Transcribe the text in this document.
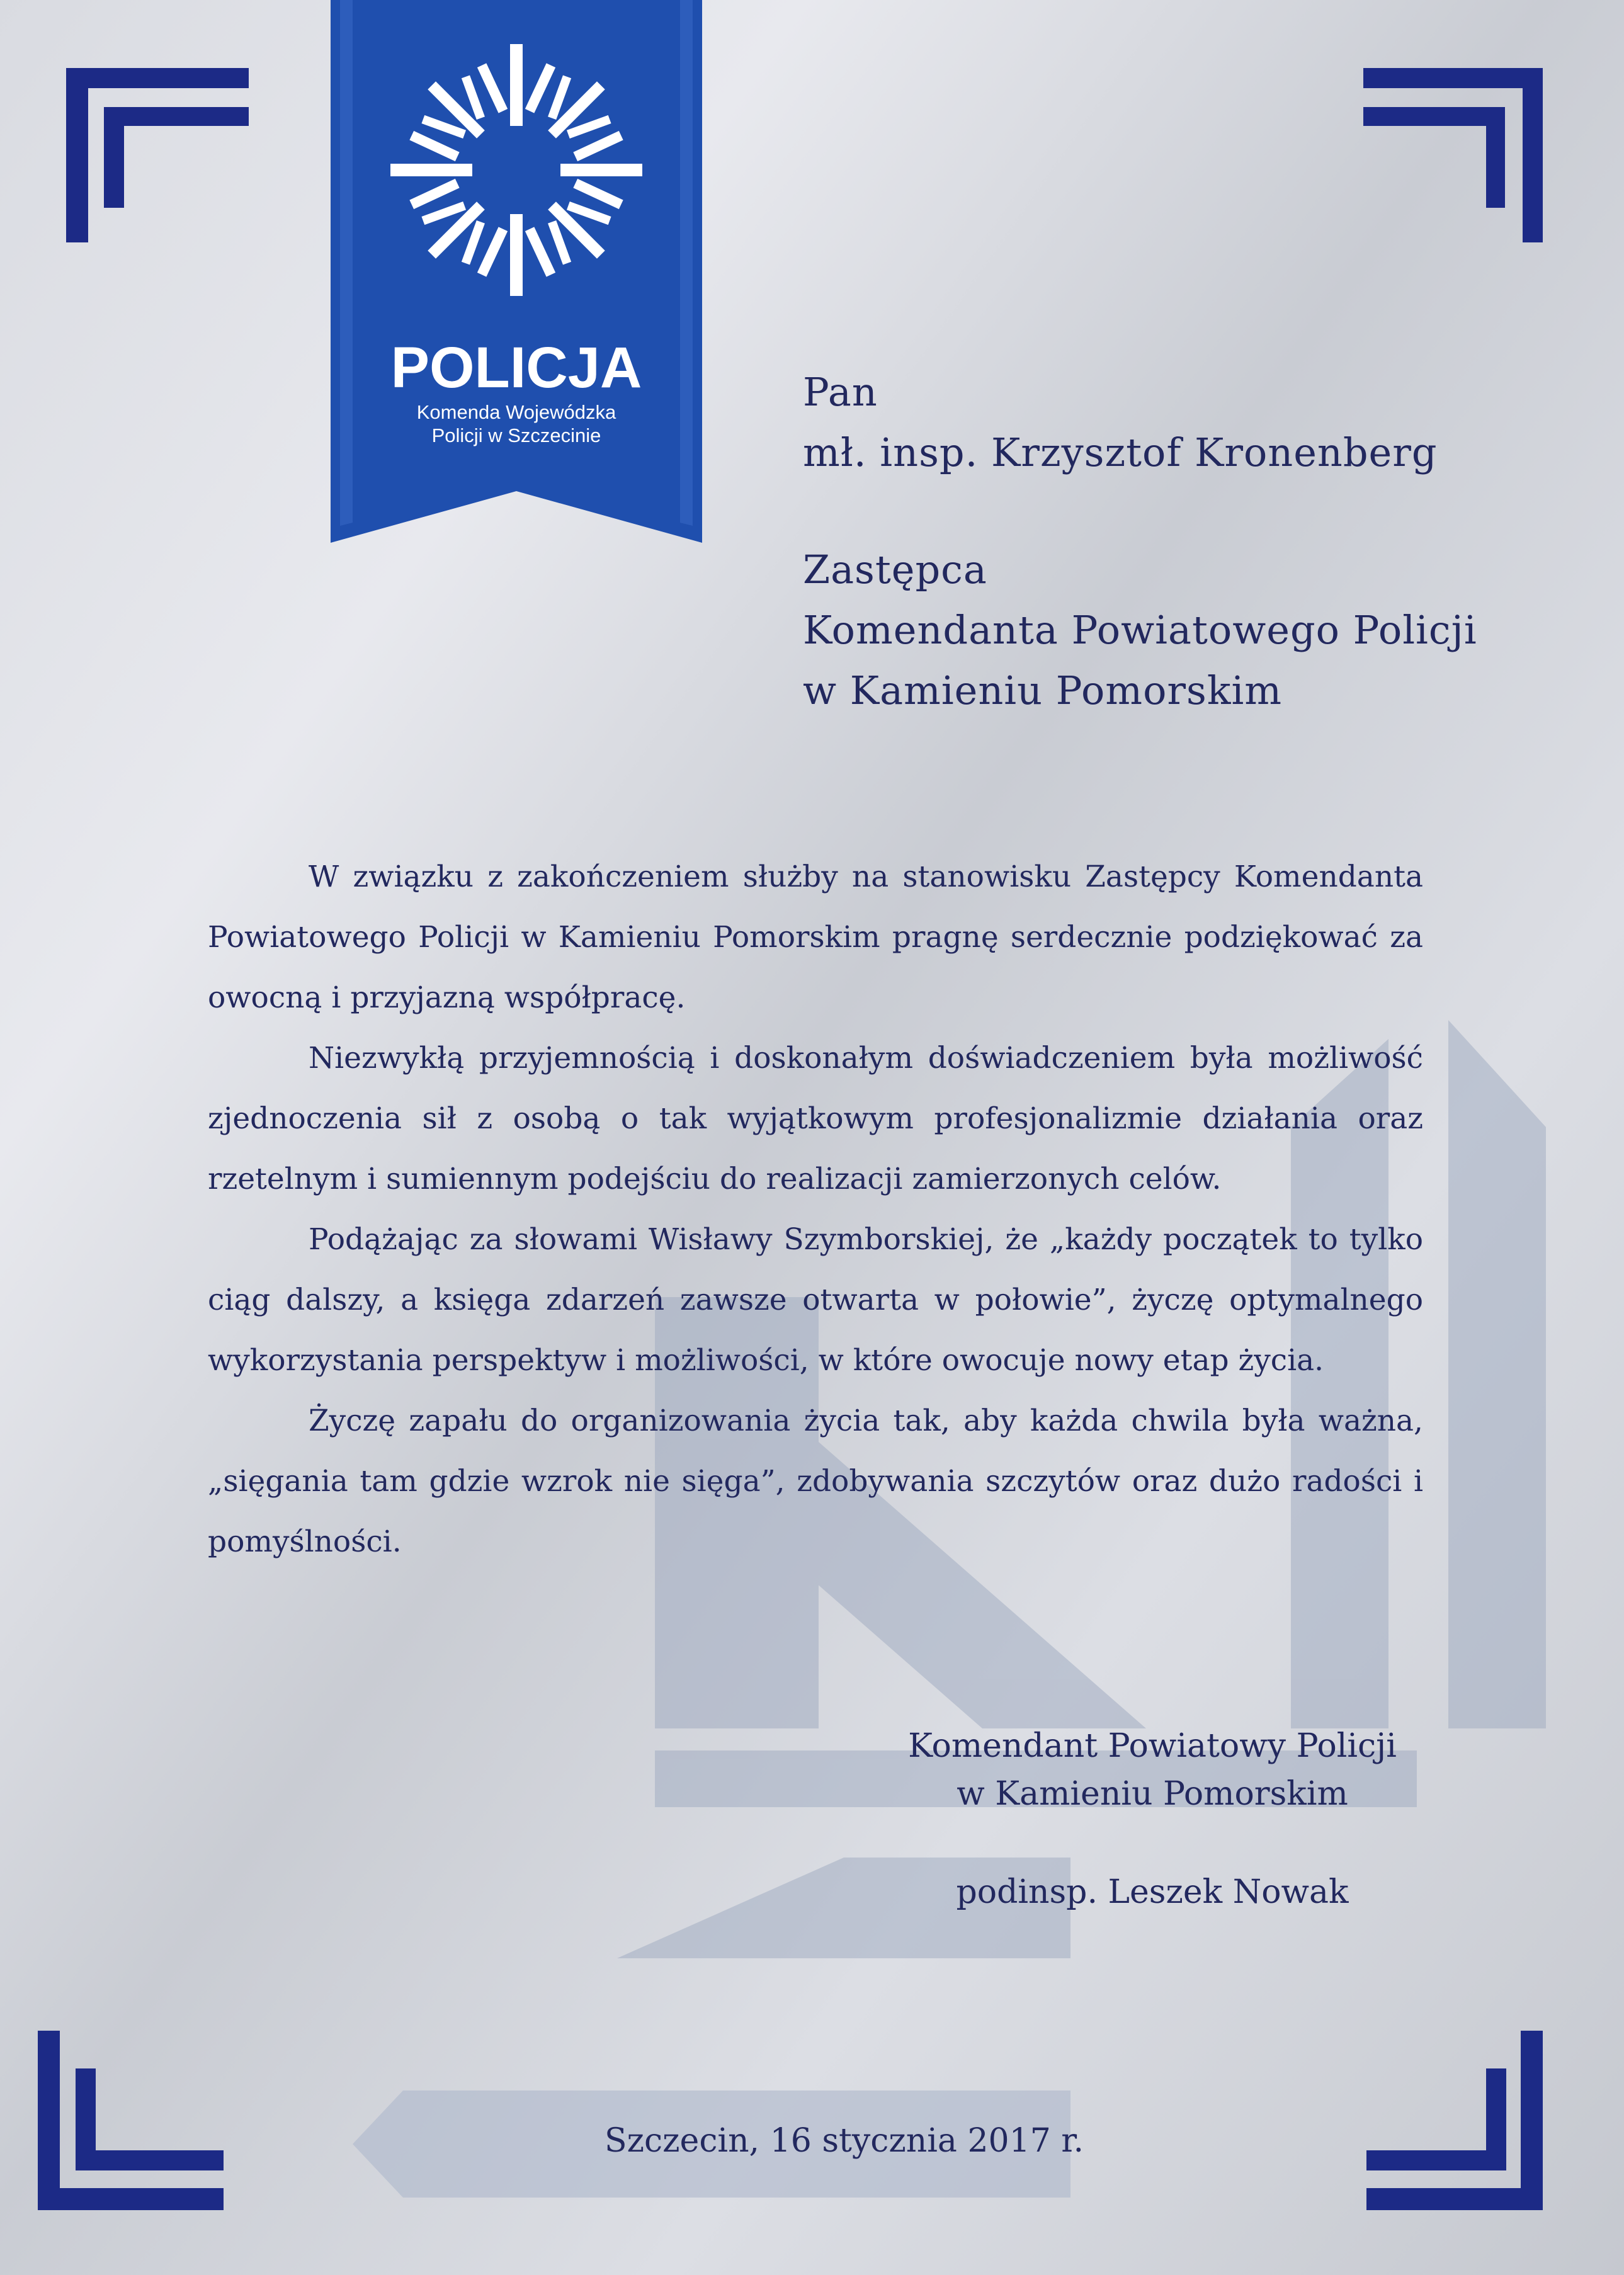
POLICJA
Komenda Wojewódzka
Policji w Szczecinie
Pan
mł. insp. Krzysztof Kronenberg
Zastępca
Komendanta Powiatowego Policji
w Kamieniu Pomorskim

W związku z zakończeniem służby na stanowisku Zastępcy Komendanta Powiatowego Policji w Kamieniu Pomorskim pragnę serdecznie podziękować za owocną i przyjazną współpracę.

Niezwykłą przyjemnością i doskonałym doświadczeniem była możliwość zjednoczenia sił z osobą o tak wyjątkowym profesjonalizmie działania oraz rzetelnym i sumiennym podejściu do realizacji zamierzonych celów.

Podążając za słowami Wisławy Szymborskiej, że „każdy początek to tylko ciąg dalszy, a księga zdarzeń zawsze otwarta w połowie”, życzę optymalnego wykorzystania perspektyw i możliwości, w które owocuje nowy etap życia.

Życzę zapału do organizowania życia tak, aby każda chwila była ważna, „sięgania tam gdzie wzrok nie sięga”, zdobywania szczytów oraz dużo radości i pomyślności.

Komendant Powiatowy Policji
w Kamieniu Pomorskim
podinsp. Leszek Nowak
Szczecin, 16 stycznia 2017 r.
